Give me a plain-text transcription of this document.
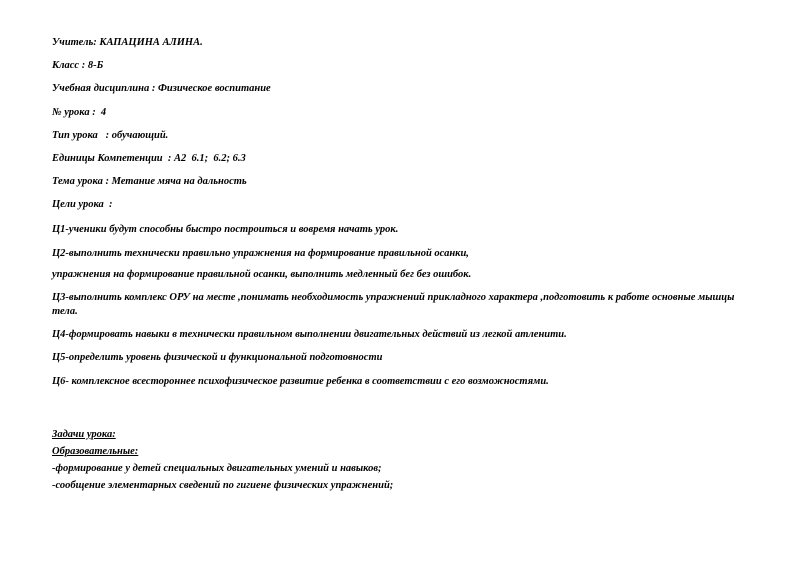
Учитель: КАПАЦИНА АЛИНА.

Класс : 8-Б

Учебная дисциплина : Физическое воспитание

№ урока :  4

Тип урока   : обучающий.

Единицы Компетенции  : А2  6.1;  6.2; 6.3

Тема урока : Метание мяча на дальность

Цели урока  :

Ц1-ученики будут способны быстро построиться и вовремя начать урок.

Ц2-выполнить технически правильно упражнения на формирование правильной осанки,
упражнения на формирование правильной осанки, выполнить медленный бег без ошибок.

Ц3-выполнить комплекс ОРУ на месте ,понимать необходимость упражнений прикладного характера ,подготовить к работе основные мышцы тела.

Ц4-формировать навыки в технически правильном выполнении двигательных действий из легкой атленити.

Ц5-определить уровень физической и функциональной подготовности

Ц6- комплексное всестороннее психофизическое развитие ребенка в соответствии с его возможностями.

Задачи урока:

Образовательные:

-формирование у детей специальных двигательных умений и навыков;

-сообщение элементарных сведений по гигиене физических упражнений;
